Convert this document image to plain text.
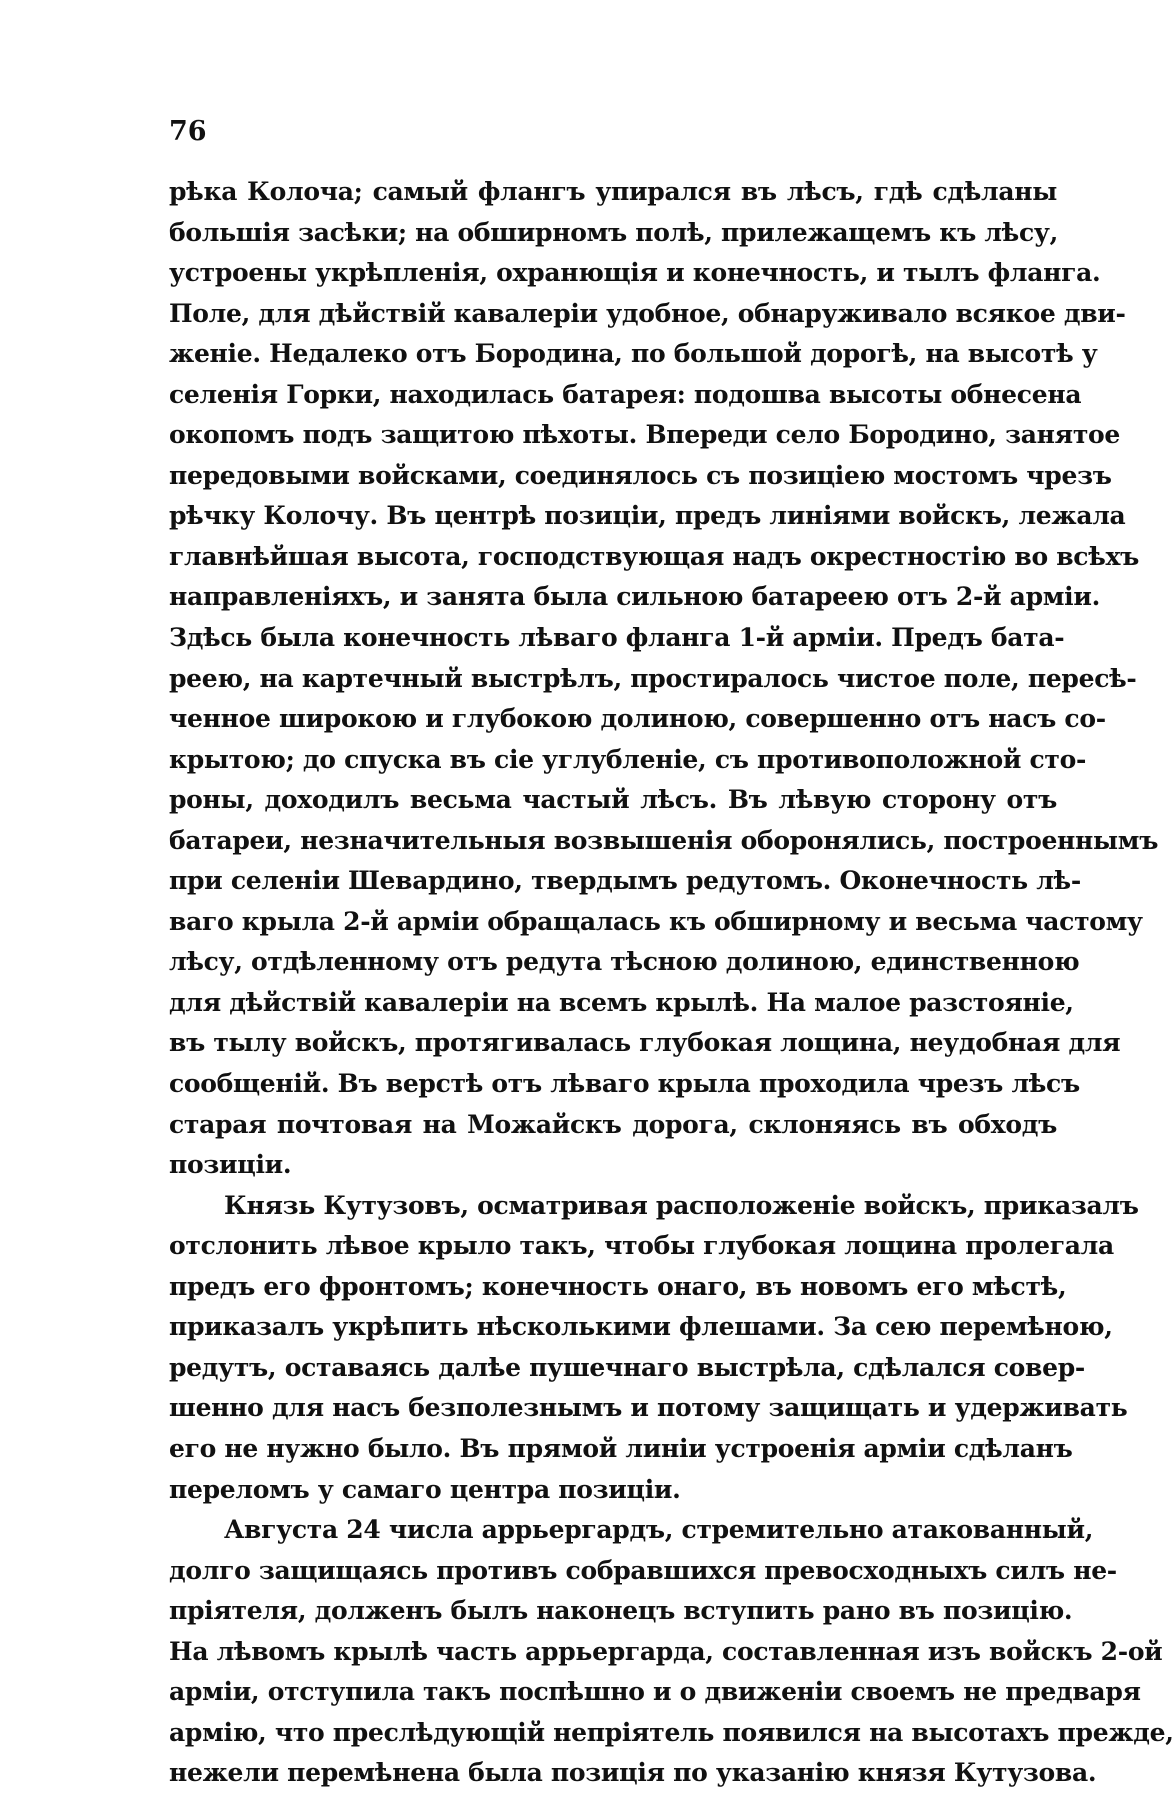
76
рѣка Колоча; самый флангъ упирался въ лѣсъ, гдѣ сдѣланы
большія засѣки; на обширномъ полѣ, прилежащемъ къ лѣсу,
устроены укрѣпленія, охранющія и конечность, и тылъ фланга.
Поле, для дѣйствій кавалеріи удобное, обнаруживало всякое дви-
женіе. Недалеко отъ Бородина, по большой дорогѣ, на высотѣ у
селенія Горки, находилась батарея: подошва высоты обнесена
окопомъ подъ защитою пѣхоты. Впереди село Бородино, занятое
передовыми войсками, соединялось съ позиціею мостомъ чрезъ
рѣчку Колочу. Въ центрѣ позиціи, предъ линіями войскъ, лежала
главнѣйшая высота, господствующая надъ окрестностію во всѣхъ
направленіяхъ, и занята была сильною батареею отъ 2-й арміи.
Здѣсь была конечность лѣваго фланга 1-й арміи. Предъ бата-
реею, на картечный выстрѣлъ, простиралось чистое поле, пересѣ-
ченное широкою и глубокою долиною, совершенно отъ насъ со-
крытою; до спуска въ сіе углубленіе, съ противоположной сто-
роны, доходилъ весьма частый лѣсъ. Въ лѣвую сторону отъ
батареи, незначительныя возвышенія оборонялись, построеннымъ
при селеніи Шевардино, твердымъ редутомъ. Оконечность лѣ-
ваго крыла 2-й арміи обращалась къ обширному и весьма частому
лѣсу, отдѣленному отъ редута тѣсною долиною, единственною
для дѣйствій кавалеріи на всемъ крылѣ. На малое разстояніе,
въ тылу войскъ, протягивалась глубокая лощина, неудобная для
сообщеній. Въ верстѣ отъ лѣваго крыла проходила чрезъ лѣсъ
старая почтовая на Можайскъ дорога, склоняясь въ обходъ
позиціи.
Князь Кутузовъ, осматривая расположеніе войскъ, приказалъ
отслонить лѣвое крыло такъ, чтобы глубокая лощина пролегала
предъ его фронтомъ; конечность онаго, въ новомъ его мѣстѣ,
приказалъ укрѣпить нѣсколькими флешами. За сею перемѣною,
редутъ, оставаясь далѣе пушечнаго выстрѣла, сдѣлался совер-
шенно для насъ безполезнымъ и потому защищать и удерживать
его не нужно было. Въ прямой линіи устроенія арміи сдѣланъ
переломъ у самаго центра позиціи.
Августа 24 числа аррьергардъ, стремительно атакованный,
долго защищаясь противъ собравшихся превосходныхъ силъ не-
пріятеля, долженъ былъ наконецъ вступить рано въ позицію.
На лѣвомъ крылѣ часть аррьергарда, составленная изъ войскъ 2-ой
арміи, отступила такъ поспѣшно и о движеніи своемъ не предваря
армію, что преслѣдующій непріятель появился на высотахъ прежде,
нежели перемѣнена была позиція по указанію князя Кутузова.
